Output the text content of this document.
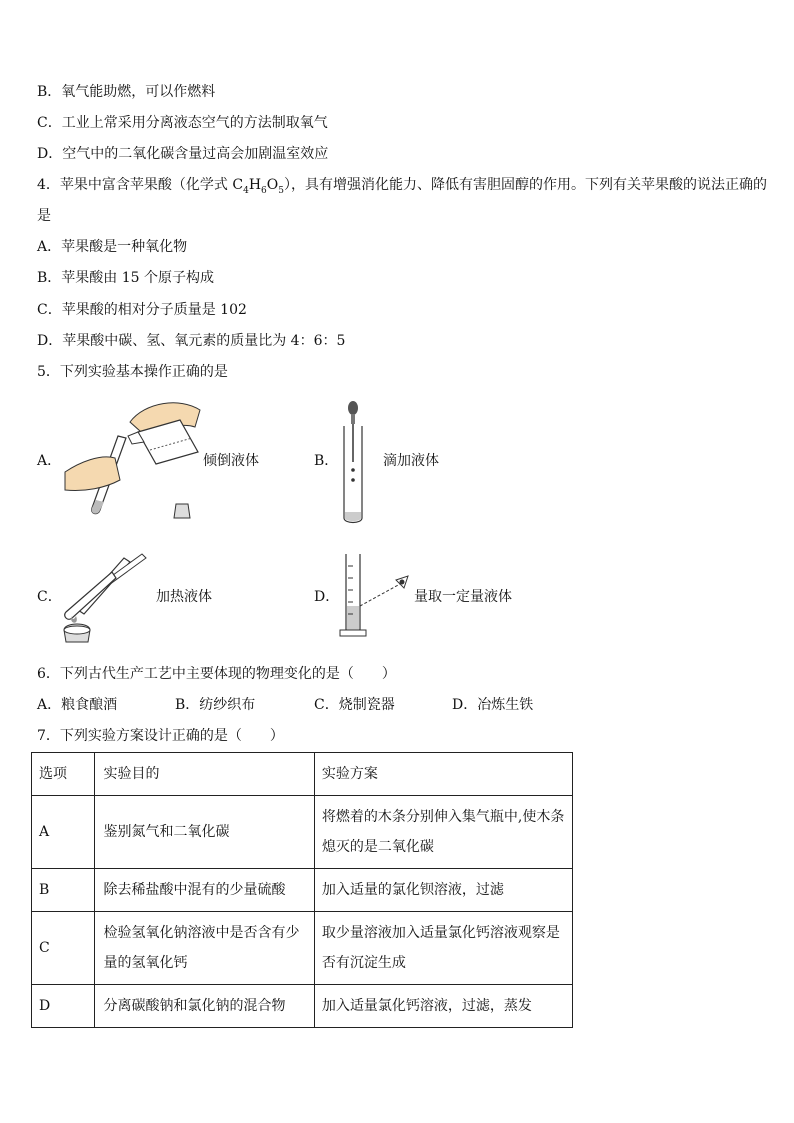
B．氧气能助燃，可以作燃料
C．工业上常采用分离液态空气的方法制取氧气
D．空气中的二氧化碳含量过高会加剧温室效应
4．苹果中富含苹果酸（化学式 $C_4H_6O_5$），具有增强消化能力、降低有害胆固醇的作用。下列有关苹果酸的说法正确的
是
A．苹果酸是一种氧化物
B．苹果酸由 15 个原子构成
C．苹果酸的相对分子质量是 102
D．苹果酸中碳、氢、氧元素的质量比为 4：6：5
5．下列实验基本操作正确的是
A．	倾倒液体	B．	滴加液体
C．	加热液体	D．	量取一定量液体
6．下列古代生产工艺中主要体现的物理变化的是（　　）
A．粮食酿酒	B．纺纱织布	C．烧制瓷器	D．冶炼生铁
7．下列实验方案设计正确的是（　　）
选项	实验目的	实验方案
A	鉴别氮气和二氧化碳	将燃着的木条分别伸入集气瓶中,使木条熄灭的是二氧化碳
B	除去稀盐酸中混有的少量硫酸	加入适量的氯化钡溶液，过滤
C	检验氢氧化钠溶液中是否含有少量的氢氧化钙	取少量溶液加入适量氯化钙溶液观察是否有沉淀生成
D	分离碳酸钠和氯化钠的混合物	加入适量氯化钙溶液，过滤，蒸发
